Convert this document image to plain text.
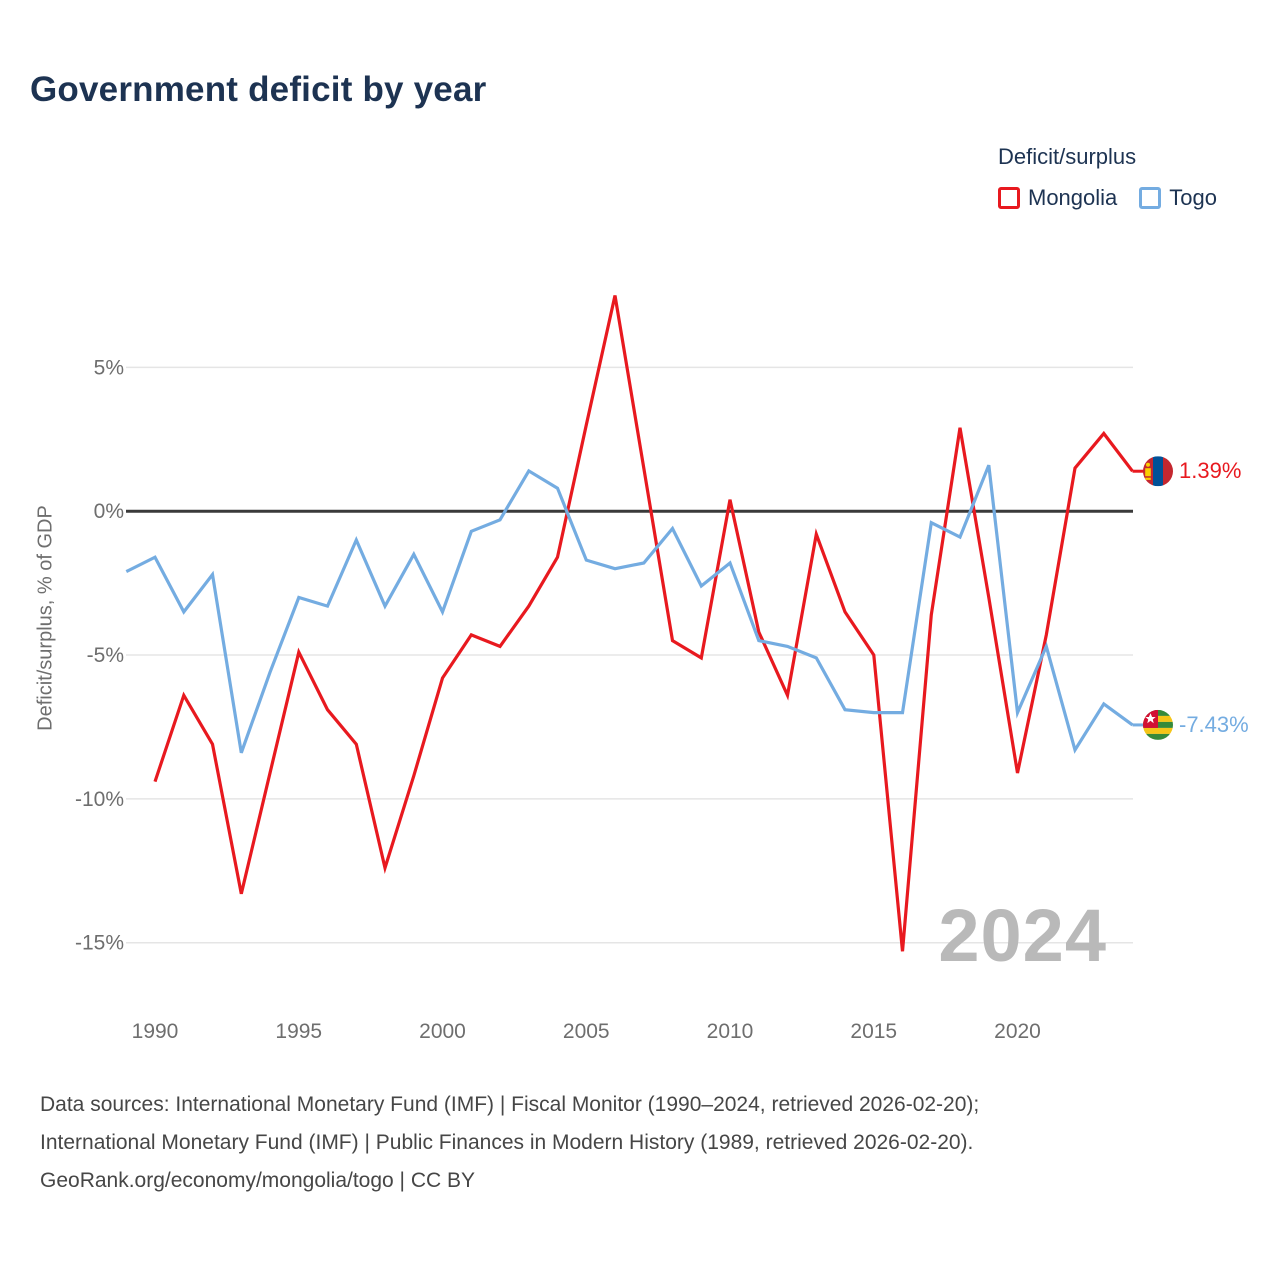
Government deficit by year
Deficit/surplus
Mongolia Togo
Deficit/surplus, % of GDP
5%
0%
-5%
-10%
-15%
1990	1995	2000	2005	2010	2015	2020
2024
1.39%
-7.43%
Data sources: International Monetary Fund (IMF) | Fiscal Monitor (1990–2024, retrieved 2026-02-20);
International Monetary Fund (IMF) | Public Finances in Modern History (1989, retrieved 2026-02-20).
GeoRank.org/economy/mongolia/togo | CC BY
